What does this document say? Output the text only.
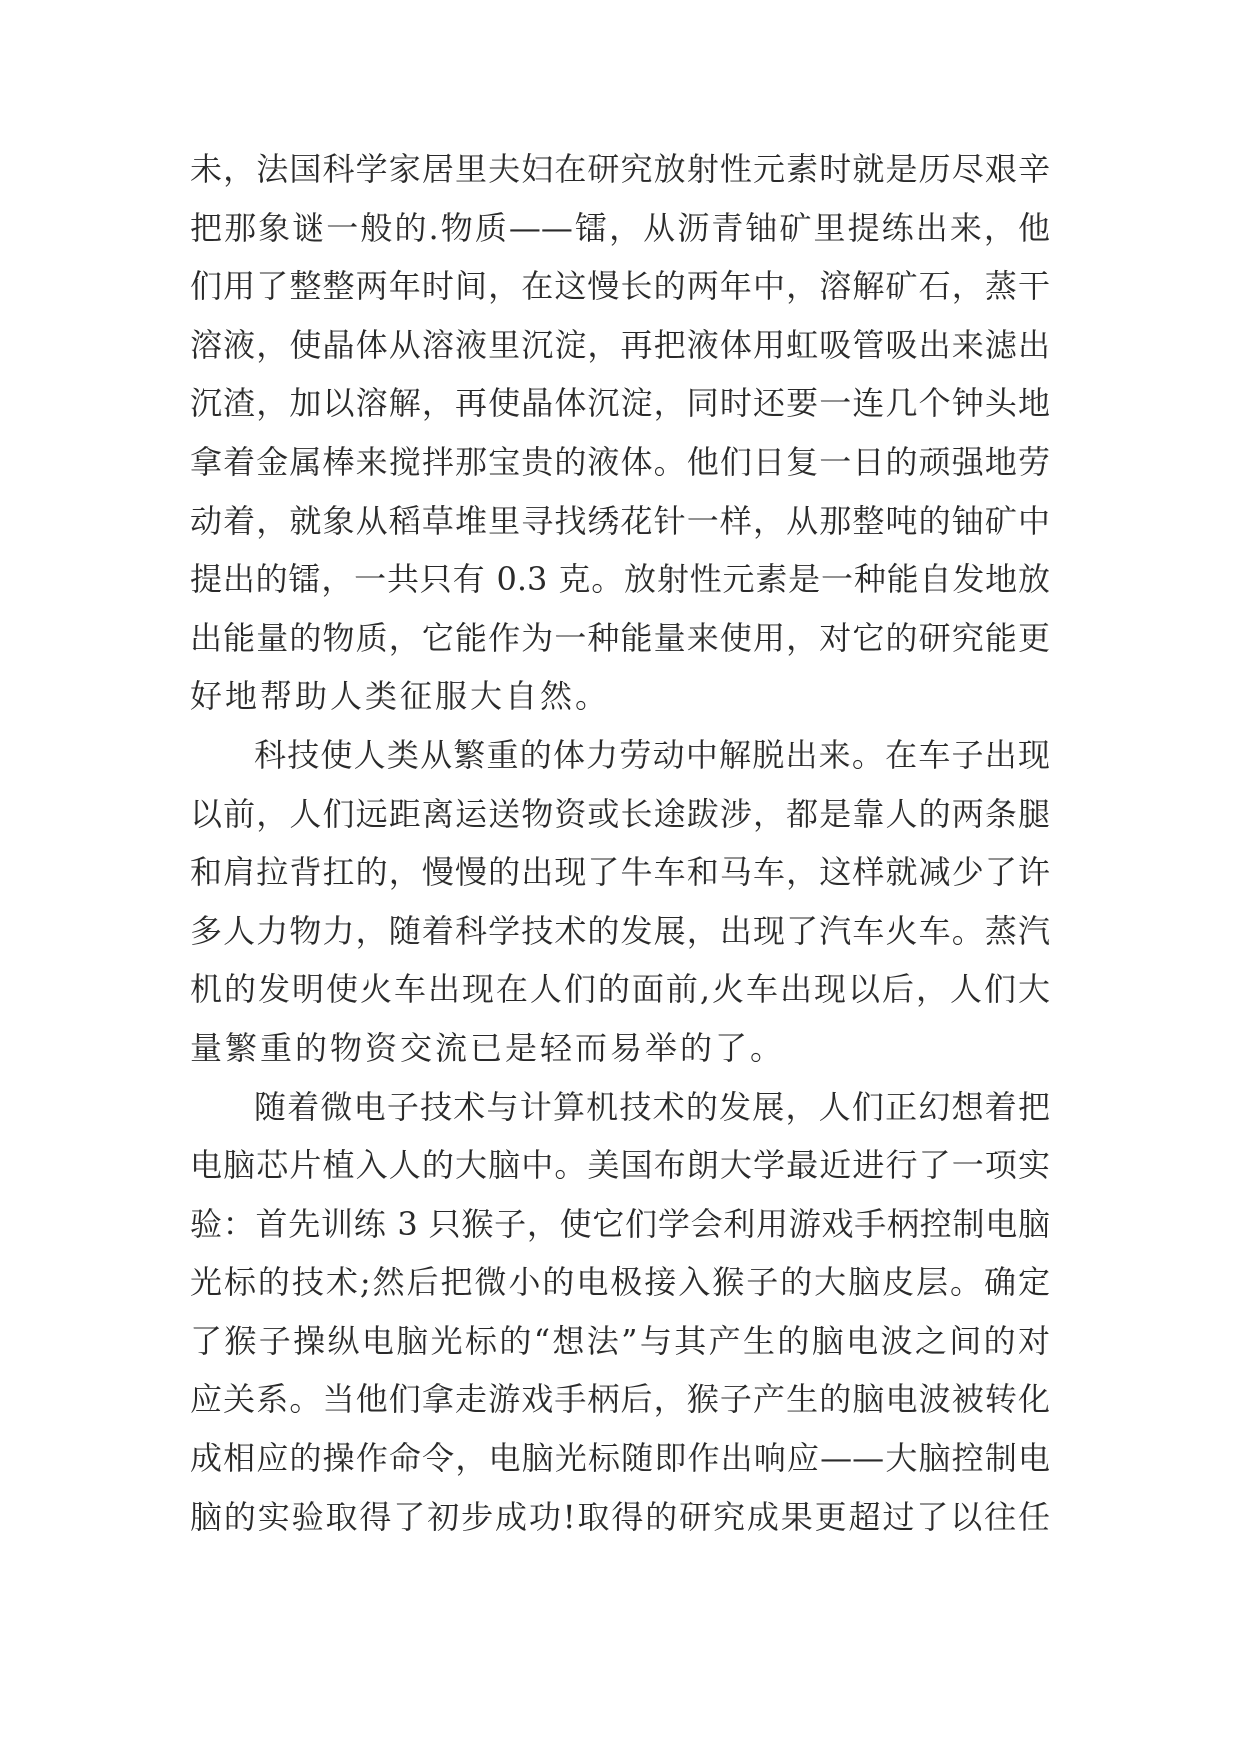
未，法国科学家居里夫妇在研究放射性元素时就是历尽艰辛
把那象谜一般的.物质——镭，从沥青铀矿里提练出来，他
们用了整整两年时间，在这慢长的两年中，溶解矿石，蒸干
溶液，使晶体从溶液里沉淀，再把液体用虹吸管吸出来滤出
沉渣，加以溶解，再使晶体沉淀，同时还要一连几个钟头地
拿着金属棒来搅拌那宝贵的液体。他们日复一日的顽强地劳
动着，就象从稻草堆里寻找绣花针一样，从那整吨的铀矿中
提出的镭，一共只有 0.3 克。放射性元素是一种能自发地放
出能量的物质，它能作为一种能量来使用，对它的研究能更
好地帮助人类征服大自然。
科技使人类从繁重的体力劳动中解脱出来。在车子出现
以前，人们远距离运送物资或长途跋涉，都是靠人的两条腿
和肩拉背扛的，慢慢的出现了牛车和马车，这样就减少了许
多人力物力，随着科学技术的发展，出现了汽车火车。蒸汽
机的发明使火车出现在人们的面前,火车出现以后，人们大
量繁重的物资交流已是轻而易举的了。
随着微电子技术与计算机技术的发展，人们正幻想着把
电脑芯片植入人的大脑中。美国布朗大学最近进行了一项实
验：首先训练 3 只猴子，使它们学会利用游戏手柄控制电脑
光标的技术;然后把微小的电极接入猴子的大脑皮层。确定
了猴子操纵电脑光标的“想法”与其产生的脑电波之间的对
应关系。当他们拿走游戏手柄后，猴子产生的脑电波被转化
成相应的操作命令，电脑光标随即作出响应——大脑控制电
脑的实验取得了初步成功!取得的研究成果更超过了以往任
